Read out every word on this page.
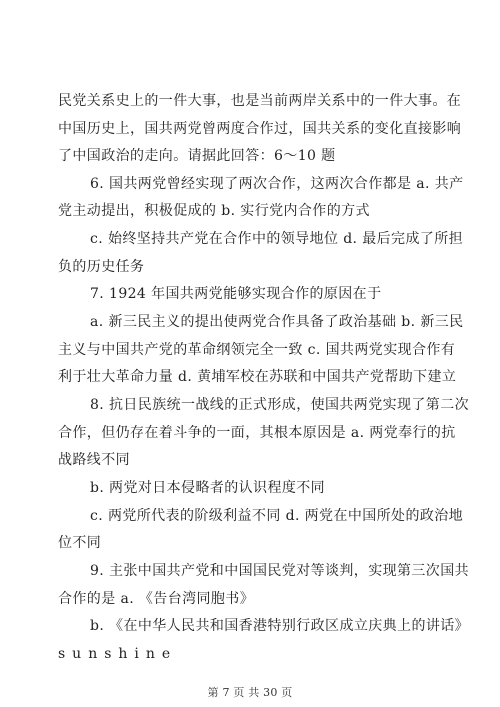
民党关系史上的一件大事，也是当前两岸关系中的一件大事。在
中国历史上，国共两党曾两度合作过，国共关系的变化直接影响
了中国政治的走向。请据此回答：6～10 题
6. 国共两党曾经实现了两次合作，这两次合作都是 a. 共产
党主动提出，积极促成的 b. 实行党内合作的方式
c. 始终坚持共产党在合作中的领导地位 d. 最后完成了所担
负的历史任务
7. 1924 年国共两党能够实现合作的原因在于
a. 新三民主义的提出使两党合作具备了政治基础 b. 新三民
主义与中国共产党的革命纲领完全一致 c. 国共两党实现合作有
利于壮大革命力量 d. 黄埔军校在苏联和中国共产党帮助下建立
8. 抗日民族统一战线的正式形成，使国共两党实现了第二次
合作，但仍存在着斗争的一面，其根本原因是 a. 两党奉行的抗
战路线不同
b. 两党对日本侵略者的认识程度不同
c. 两党所代表的阶级利益不同 d. 两党在中国所处的政治地
位不同
9. 主张中国共产党和中国国民党对等谈判，实现第三次国共
合作的是 a. 《告台湾同胞书》
b. 《在中华人民共和国香港特别行政区成立庆典上的讲话》
sunshine
第 7 页 共 30 页
